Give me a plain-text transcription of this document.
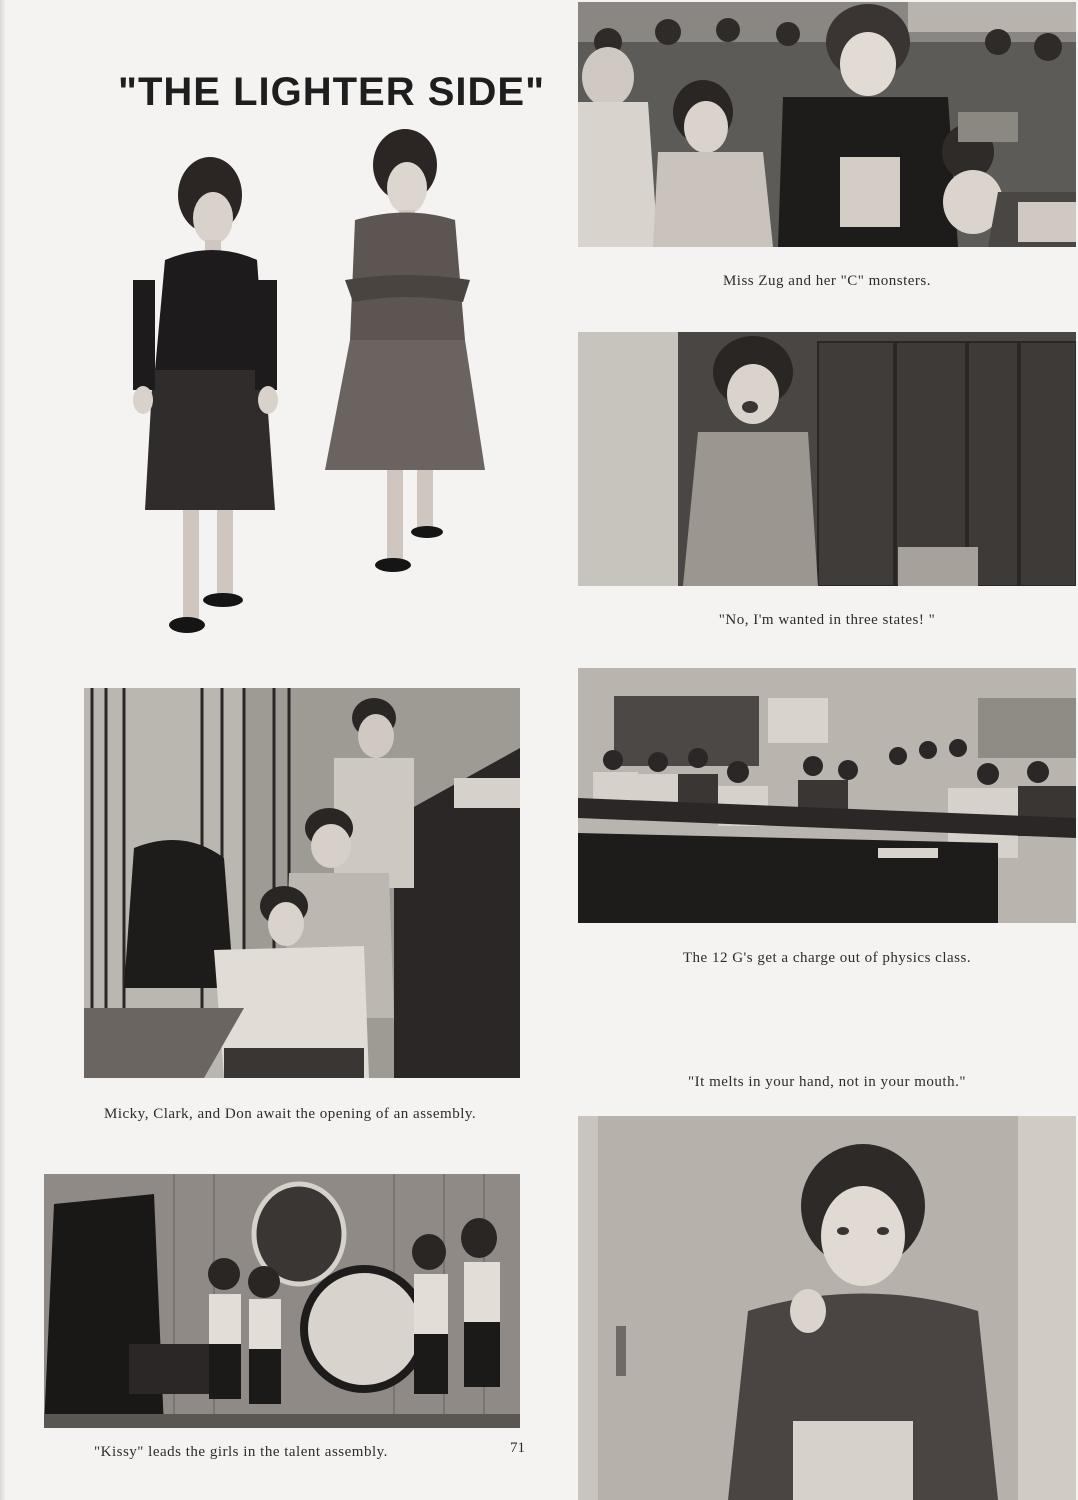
"THE LIGHTER SIDE"

Miss Zug and her "C" monsters.

"No, I'm wanted in three states! "

The 12 G's get a charge out of physics class.

Micky, Clark, and Don await the opening of an assembly.

"It melts in your hand, not in your mouth."

"Kissy" leads the girls in the talent assembly.	71
